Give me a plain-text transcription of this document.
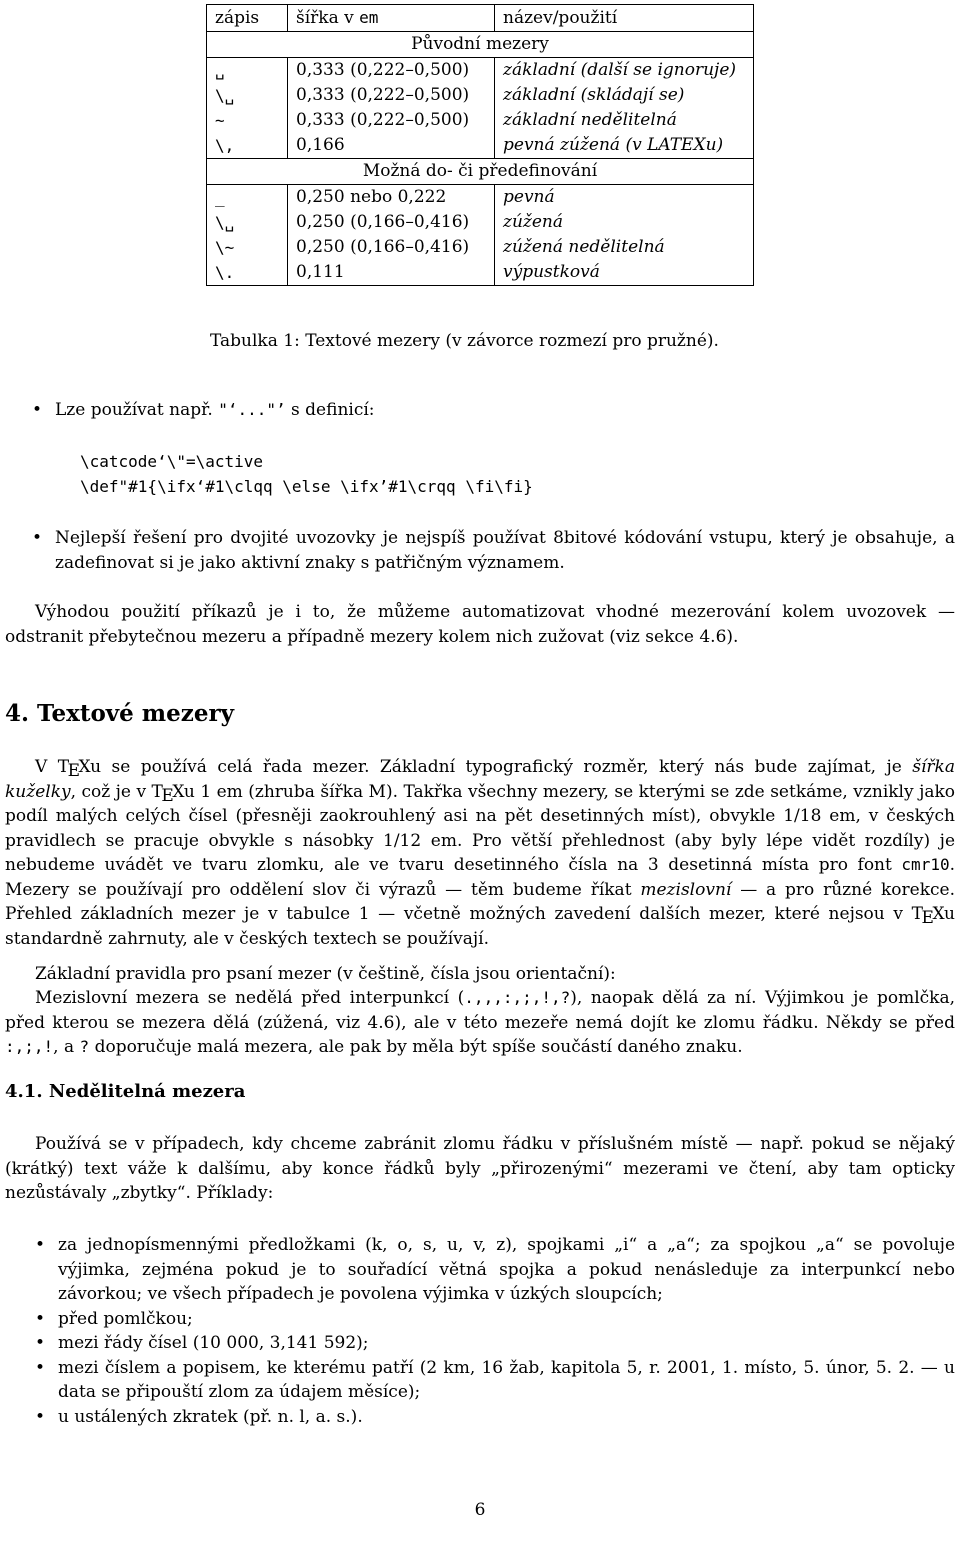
zápis	šířka v em	název/použití
Původní mezery		
␣	0,333 (0,222–0,500)	základní (další se ignoruje)
\␣	0,333 (0,222–0,500)	základní (skládají se)
~	0,333 (0,222–0,500)	základní nedělitelná
\,	0,166	pevná zúžená (v LATEXu)
Možná do- či předefinování		
_	0,250 nebo 0,222	pevná
\␣	0,250 (0,166–0,416)	zúžená
\~	0,250 (0,166–0,416)	zúžená nedělitelná
\.	0,111	výpustková
Tabulka 1: Textové mezery (v závorce rozmezí pro pružné).
• Lze používat např. "‘..."’ s definicí:
\catcode‘\"=\active
\def"#1{\ifx‘#1\clqq \else \ifx’#1\crqq \fi\fi}
• Nejlepší řešení pro dvojité uvozovky je nejspíš používat 8bitové kódování vstupu, který je obsahuje, a zadefinovat si je jako aktivní znaky s patřičným významem.
Výhodou použití příkazů je i to, že můžeme automatizovat vhodné mezerování kolem uvozovek — odstranit přebytečnou mezeru a případně mezery kolem nich zužovat (viz sekce 4.6).
4. Textové mezery
V $T_EXu$ se používá celá řada mezer. Základní typografický rozměr, který nás bude zajímat, je šířka kuželky, což je v $T_EXu$ 1 em (zhruba šířka M). Takřka všechny mezery, se kterými se zde setkáme, vznikly jako podíl malých celých čísel (přesněji zaokrouhlený asi na pět desetinných míst), obvykle 1/18 em, v českých pravidlech se pracuje obvykle s násobky 1/12 em. Pro větší přehlednost (aby byly lépe vidět rozdíly) je nebudeme uvádět ve tvaru zlomku, ale ve tvaru desetinného čísla na 3 desetinná místa pro font cmr10. Mezery se používají pro oddělení slov či výrazů — těm budeme říkat mezislovní — a pro různé korekce. Přehled základních mezer je v tabulce 1 — včetně možných zavedení dalších mezer, které nejsou v $T_EXu$ standardně zahrnuty, ale v českých textech se používají.
Základní pravidla pro psaní mezer (v češtině, čísla jsou orientační):
Mezislovní mezera se nedělá před interpunkcí (.,,,:,;,!,?), naopak dělá za ní. Výjimkou je pomlčka, před kterou se mezera dělá (zúžená, viz 4.6), ale v této mezeře nemá dojít ke zlomu řádku. Někdy se před :,;,!, a ? doporučuje malá mezera, ale pak by měla být spíše součástí daného znaku.
4.1. Nedělitelná mezera
Používá se v případech, kdy chceme zabránit zlomu řádku v příslušném místě — např. pokud se nějaký (krátký) text váže k dalšímu, aby konce řádků byly „přirozenými“ mezerami ve čtení, aby tam opticky nezůstávaly „zbytky“. Příklady:
• za jednopísmennými předložkami (k, o, s, u, v, z), spojkami „i“ a „a“; za spojkou „a“ se povoluje výjimka, zejména pokud je to souřadící větná spojka a pokud nenásleduje za interpunkcí nebo závorkou; ve všech případech je povolena výjimka v úzkých sloupcích;
• před pomlčkou;
• mezi řády čísel (10 000, 3,141 592);
• mezi číslem a popisem, ke kterému patří (2 km, 16 žab, kapitola 5, r. 2001, 1. místo, 5. únor, 5. 2. — u data se připouští zlom za údajem měsíce);
• u ustálených zkratek (př. n. l, a. s.).
6
